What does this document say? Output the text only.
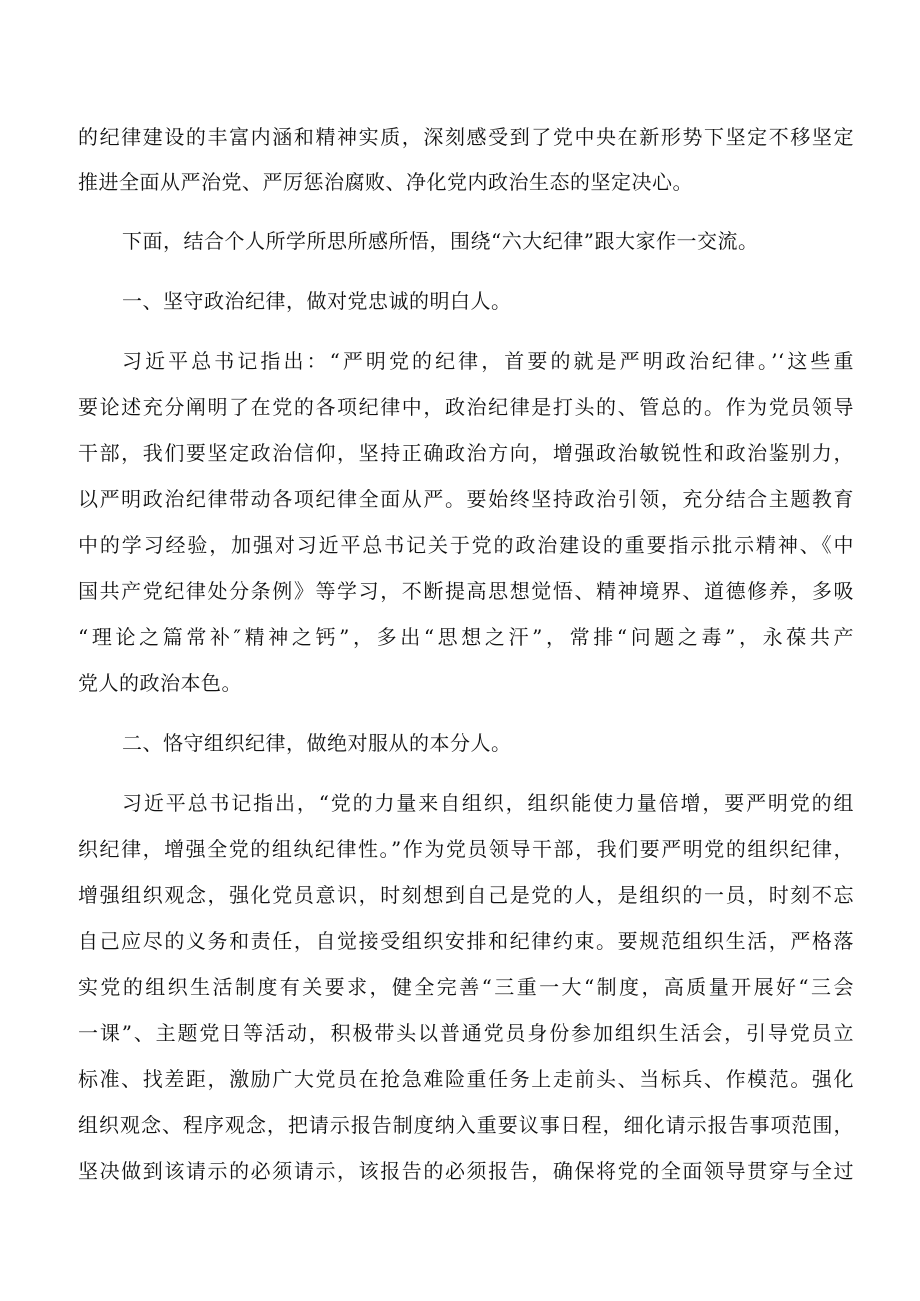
的纪律建设的丰富内涵和精神实质，深刻感受到了党中央在新形势下坚定不移坚定

推进全面从严治党、严厉惩治腐败、净化党内政治生态的坚定决心。

下面，结合个人所学所思所感所悟，围绕“六大纪律”跟大家作一交流。

一、坚守政治纪律，做对党忠诚的明白人。

习近平总书记指出：“严明党的纪律，首要的就是严明政治纪律。’‘这些重

要论述充分阐明了在党的各项纪律中，政治纪律是打头的、管总的。作为党员领导

干部，我们要坚定政治信仰，坚持正确政治方向，增强政治敏锐性和政治鉴别力，

以严明政治纪律带动各项纪律全面从严。要始终坚持政治引领，充分结合主题教育

中的学习经验，加强对习近平总书记关于党的政治建设的重要指示批示精神、《中

国共产党纪律处分条例》等学习，不断提高思想觉悟、精神境界、道德修养，多吸

“理论之篇常补″精神之钙”，多出“思想之汗”，常排“问题之毒”，永葆共产

党人的政治本色。

二、恪守组织纪律，做绝对服从的本分人。

习近平总书记指出，“党的力量来自组织，组织能使力量倍增，要严明党的组

织纪律，增强全党的组纨纪律性。”作为党员领导干部，我们要严明党的组织纪律，

增强组织观念，强化党员意识，时刻想到自己是党的人，是组织的一员，时刻不忘

自己应尽的义务和责任，自觉接受组织安排和纪律约束。要规范组织生活，严格落

实党的组织生活制度有关要求，健全完善“三重一大“制度，高质量开展好“三会

一课”、主题党日等活动，积极带头以普通党员身份参加组织生活会，引导党员立

标准、找差距，激励广大党员在抢急难险重任务上走前头、当标兵、作模范。强化

组织观念、程序观念，把请示报告制度纳入重要议事日程，细化请示报告事项范围，

坚决做到该请示的必须请示，该报告的必须报告，确保将党的全面领导贯穿与全过
